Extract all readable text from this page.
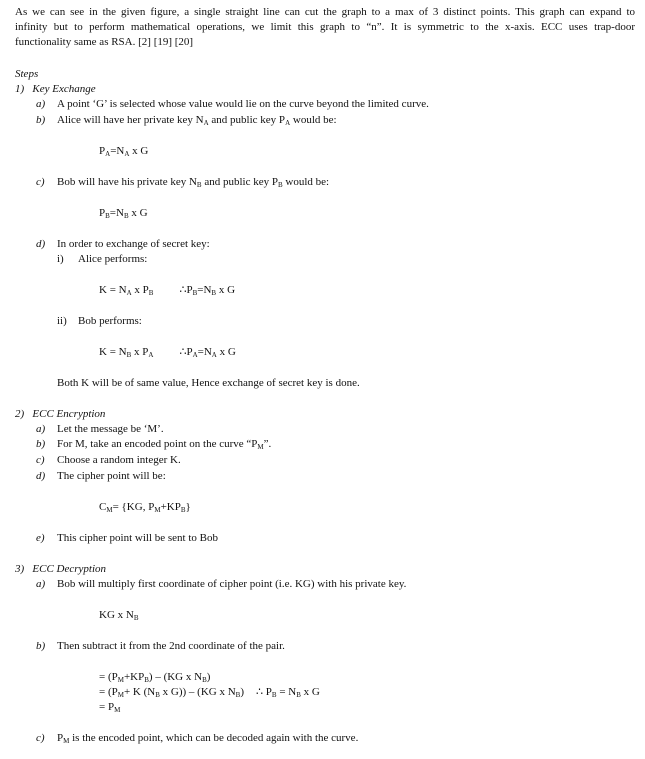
As we can see in the given figure, a single straight line can cut the graph to a max of 3 distinct points. This graph can expand to
infinity but to perform mathematical operations, we limit this graph to “n”. It is symmetric to the x-axis. ECC uses trap-door
functionality same as RSA. [2] [19] [20]
Steps
1)   Key Exchange
a) A point ‘G’ is selected whose value would lie on the curve beyond the limited curve.
b) Alice will have her private key $N_A$ and public key $P_A$ would be:
$P_A=N_A$ x G
c) Bob will have his private key $N_B$ and public key $P_B$ would be:
$P_B=N_B$ x G
d) In order to exchange of secret key:
i) Alice performs:
$K = N_A$ x $P_B$ $\therefore P_B=N_B$ x G
ii) Bob performs:
$K = N_B$ x $P_A$ $\therefore P_A=N_A$ x G
Both K will be of same value, Hence exchange of secret key is done.
2)   ECC Encryption
a) Let the message be ‘M’.
b) For M, take an encoded point on the curve “$P_M$”.
c) Choose a random integer K.
d) The cipher point will be:
$C_M= \{KG$, $P_M+KP_B$}
e) This cipher point will be sent to Bob
3)   ECC Decryption
a) Bob will multiply first coordinate of cipher point (i.e. KG) with his private key.
KG x $N_B$
b) Then subtract it from the 2nd coordinate of the pair.
= $(P_M+KP_B) - (KG$ x $N_B$)
= ($P_M+ K$ ($N_B$ x G)) – (KG x $N_B$) ∴ $P_B = N_B$ x G
= $P_M$
c) $P_M$ is the encoded point, which can be decoded again with the curve.
